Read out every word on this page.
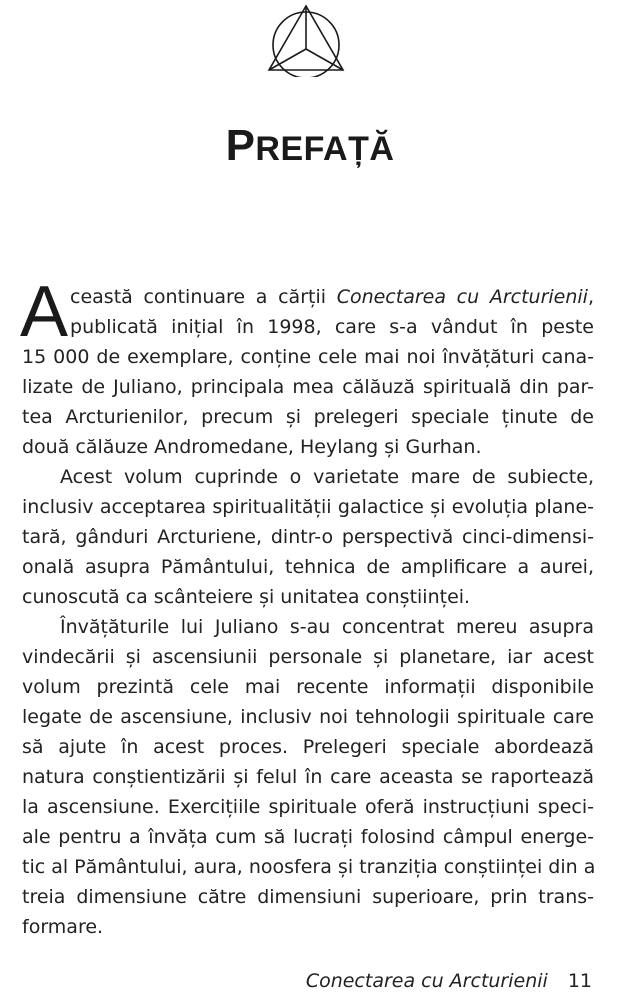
PREFAȚĂ
A ceastă continuare a cărții Conectarea cu Arcturienii,
publicată inițial în 1998, care s-a vândut în peste
15 000 de exemplare, conține cele mai noi învățături cana-
lizate de Juliano, principala mea călăuză spirituală din par-
tea Arcturienilor, precum și prelegeri speciale ținute de
două călăuze Andromedane, Heylang și Gurhan.
Acest volum cuprinde o varietate mare de subiecte,
inclusiv acceptarea spiritualității galactice și evoluția plane-
tară, gânduri Arcturiene, dintr-o perspectivă cinci-dimensi-
onală asupra Pământului, tehnica de amplificare a aurei,
cunoscută ca scânteiere și unitatea conștiinței.
Învățăturile lui Juliano s-au concentrat mereu asupra
vindecării și ascensiunii personale și planetare, iar acest
volum prezintă cele mai recente informații disponibile
legate de ascensiune, inclusiv noi tehnologii spirituale care
să ajute în acest proces. Prelegeri speciale abordează
natura conștientizării și felul în care aceasta se raportează
la ascensiune. Exercițiile spirituale oferă instrucțiuni speci-
ale pentru a învăța cum să lucrați folosind câmpul energe-
tic al Pământului, aura, noosfera și tranziția conștiinței din a
treia dimensiune către dimensiuni superioare, prin trans-
formare.
Conectarea cu Arcturienii 11
